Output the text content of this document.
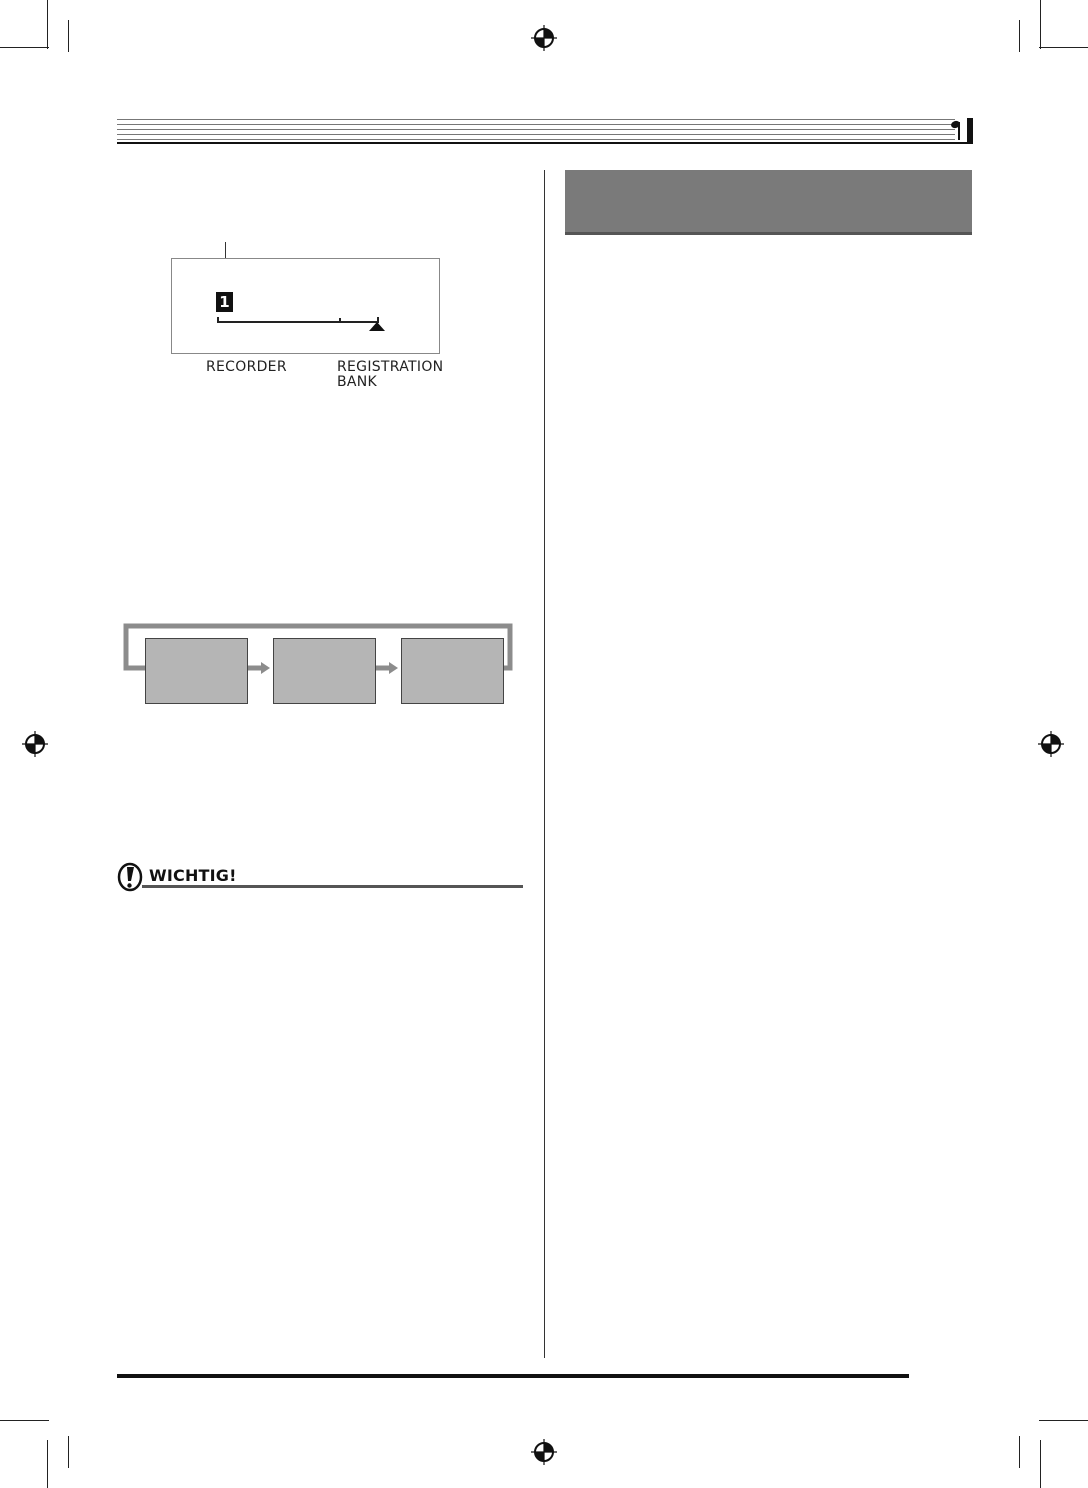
1
RECORDER	REGISTRATION
BANK
WICHTIG!
